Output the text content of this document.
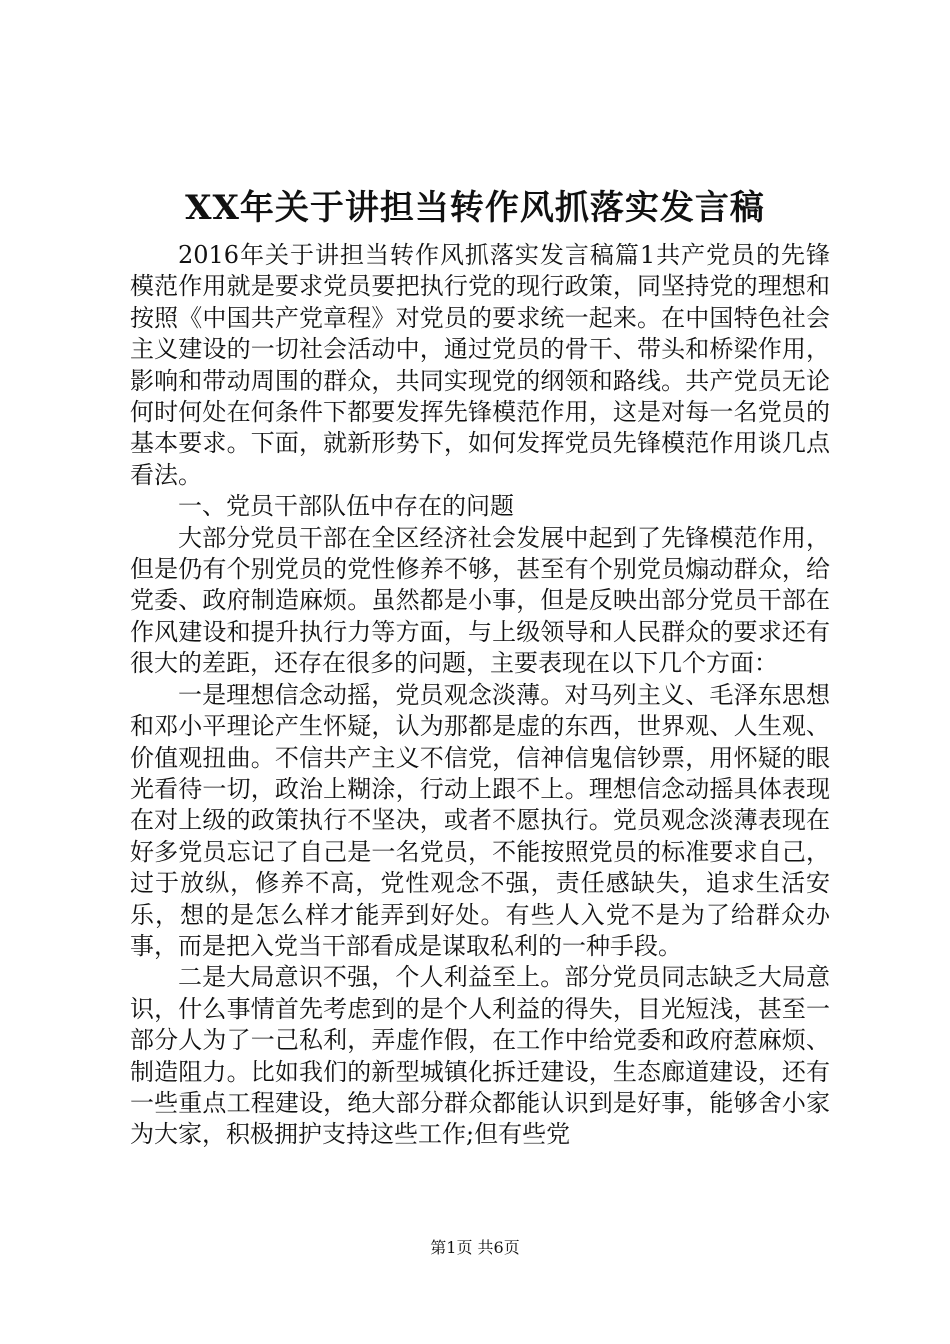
XX年关于讲担当转作风抓落实发言稿

2016年关于讲担当转作风抓落实发言稿篇1共产党员的先锋模范作用就是要求党员要把执行党的现行政策，同坚持党的理想和按照《中国共产党章程》对党员的要求统一起来。在中国特色社会主义建设的一切社会活动中，通过党员的骨干、带头和桥梁作用，影响和带动周围的群众，共同实现党的纲领和路线。共产党员无论何时何处在何条件下都要发挥先锋模范作用，这是对每一名党员的基本要求。下面，就新形势下，如何发挥党员先锋模范作用谈几点看法。

一、党员干部队伍中存在的问题

大部分党员干部在全区经济社会发展中起到了先锋模范作用，但是仍有个别党员的党性修养不够，甚至有个别党员煽动群众，给党委、政府制造麻烦。虽然都是小事，但是反映出部分党员干部在作风建设和提升执行力等方面，与上级领导和人民群众的要求还有很大的差距，还存在很多的问题，主要表现在以下几个方面：

一是理想信念动摇，党员观念淡薄。对马列主义、毛泽东思想和邓小平理论产生怀疑，认为那都是虚的东西，世界观、人生观、价值观扭曲。不信共产主义不信党，信神信鬼信钞票，用怀疑的眼光看待一切，政治上糊涂，行动上跟不上。理想信念动摇具体表现在对上级的政策执行不坚决，或者不愿执行。党员观念淡薄表现在好多党员忘记了自己是一名党员，不能按照党员的标准要求自己，过于放纵，修养不高，党性观念不强，责任感缺失，追求生活安乐，想的是怎么样才能弄到好处。有些人入党不是为了给群众办事，而是把入党当干部看成是谋取私利的一种手段。

二是大局意识不强，个人利益至上。部分党员同志缺乏大局意识，什么事情首先考虑到的是个人利益的得失，目光短浅，甚至一部分人为了一己私利，弄虚作假，在工作中给党委和政府惹麻烦、制造阻力。比如我们的新型城镇化拆迁建设，生态廊道建设，还有一些重点工程建设，绝大部分群众都能认识到是好事，能够舍小家为大家，积极拥护支持这些工作;但有些党

第1页 共6页
